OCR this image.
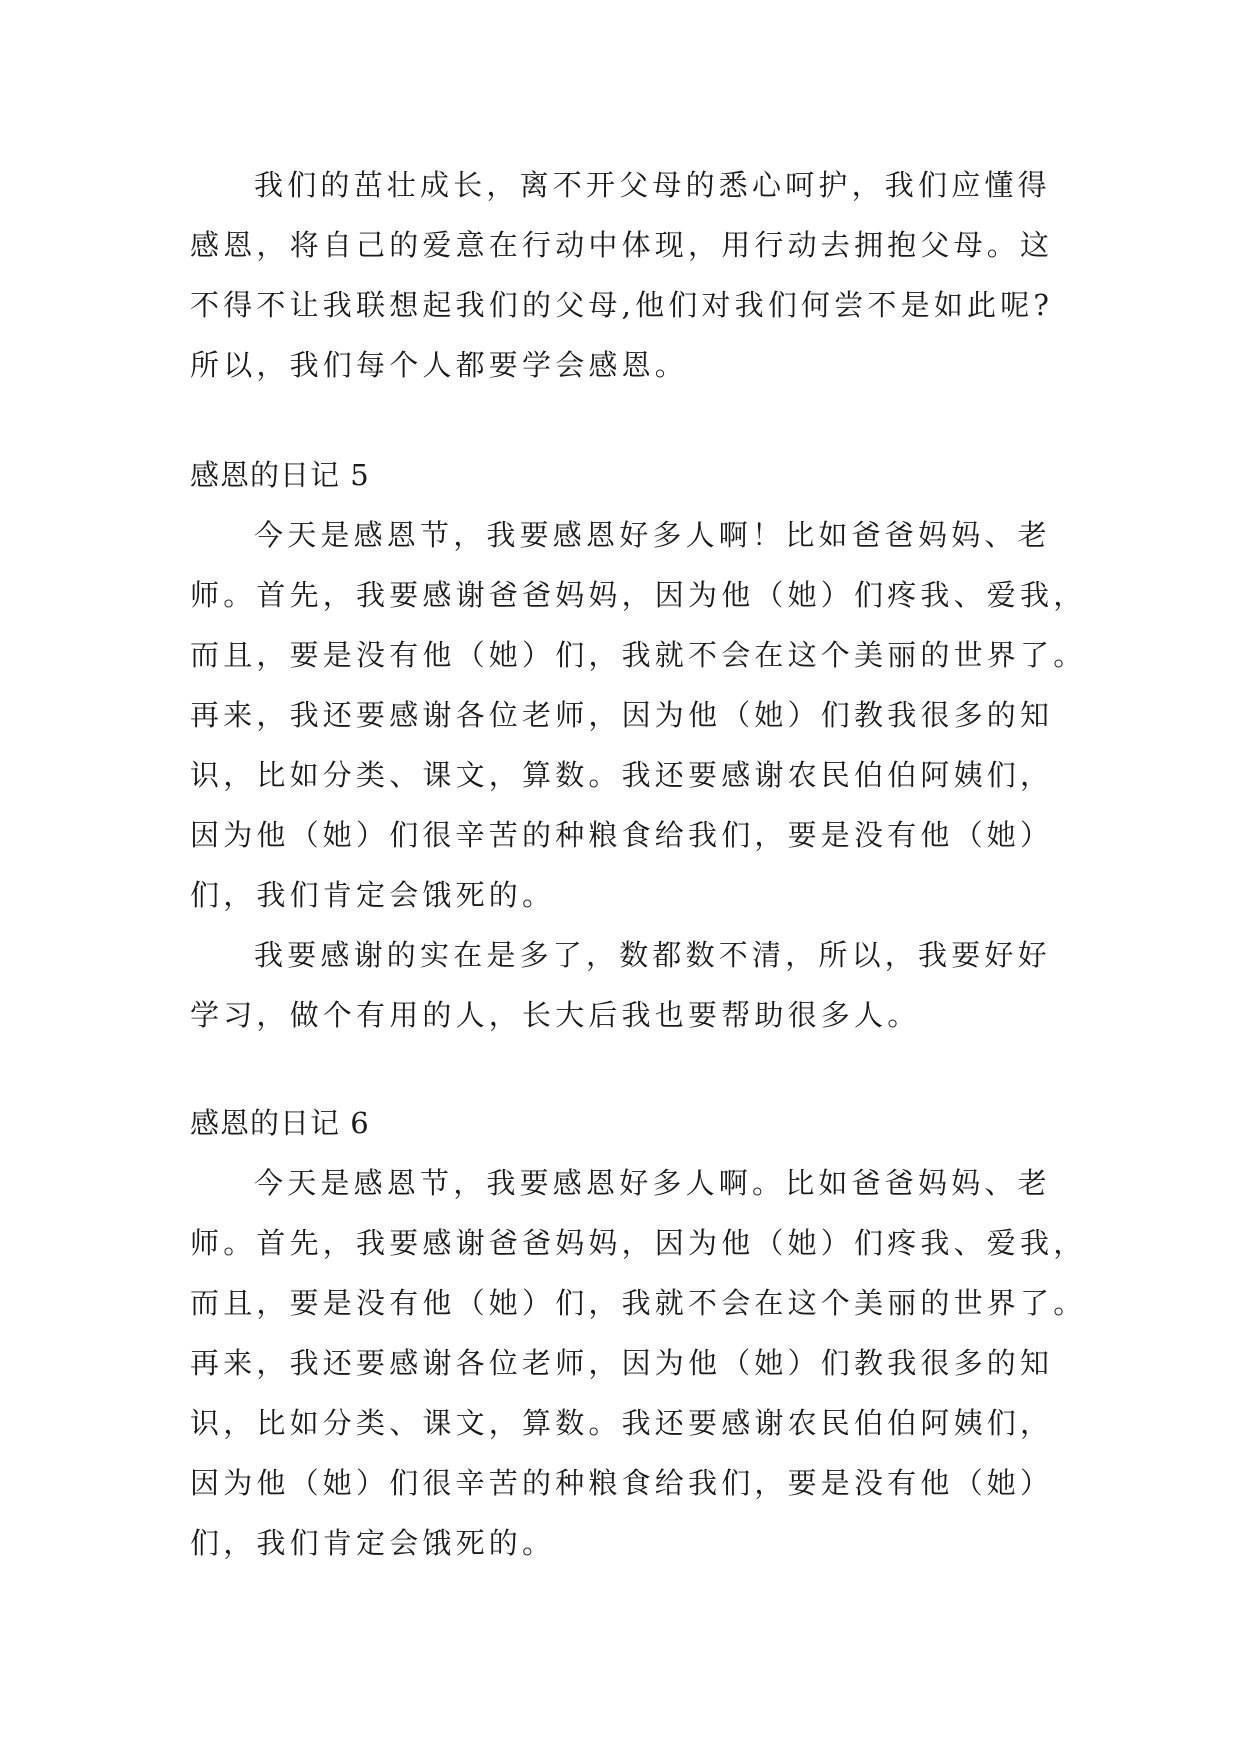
我们的茁壮成长，离不开父母的悉心呵护，我们应懂得
感恩，将自己的爱意在行动中体现，用行动去拥抱父母。这
不得不让我联想起我们的父母,他们对我们何尝不是如此呢?
所以，我们每个人都要学会感恩。
感恩的日记 5
今天是感恩节，我要感恩好多人啊！比如爸爸妈妈、老
师。首先，我要感谢爸爸妈妈，因为他（她）们疼我、爱我，
而且，要是没有他（她）们，我就不会在这个美丽的世界了。
再来，我还要感谢各位老师，因为他（她）们教我很多的知
识，比如分类、课文，算数。我还要感谢农民伯伯阿姨们，
因为他（她）们很辛苦的种粮食给我们，要是没有他（她）
们，我们肯定会饿死的。
我要感谢的实在是多了，数都数不清，所以，我要好好
学习，做个有用的人，长大后我也要帮助很多人。
感恩的日记 6
今天是感恩节，我要感恩好多人啊。比如爸爸妈妈、老
师。首先，我要感谢爸爸妈妈，因为他（她）们疼我、爱我，
而且，要是没有他（她）们，我就不会在这个美丽的世界了。
再来，我还要感谢各位老师，因为他（她）们教我很多的知
识，比如分类、课文，算数。我还要感谢农民伯伯阿姨们，
因为他（她）们很辛苦的种粮食给我们，要是没有他（她）
们，我们肯定会饿死的。
